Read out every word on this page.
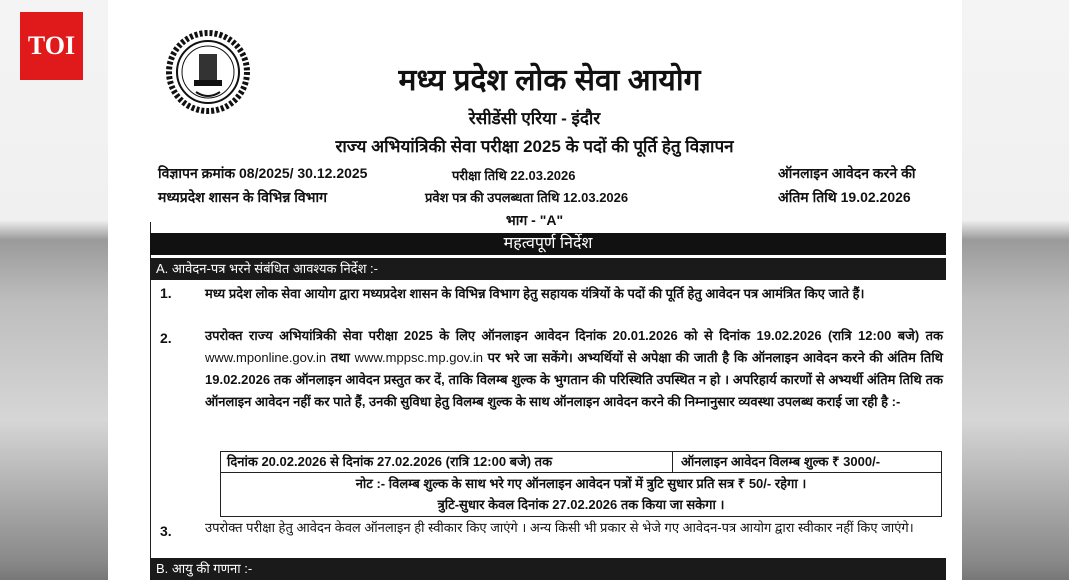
TOI
मध्य प्रदेश लोक सेवा आयोग
रेसीडेंसी एरिया - इंदौर
राज्य अभियांत्रिकी सेवा परीक्षा 2025 के पदों की पूर्ति हेतु विज्ञापन
विज्ञापन क्रमांक 08/2025/ 30.12.2025
मध्यप्रदेश शासन के विभिन्न विभाग
परीक्षा तिथि 22.03.2026
प्रवेश पत्र की उपलब्धता तिथि 12.03.2026
ऑनलाइन आवेदन करने की
अंतिम तिथि 19.02.2026
भाग - "A"
महत्वपूर्ण निर्देश
A. आवेदन-पत्र भरने संबंधित आवश्यक निर्देश :-
1.	मध्य प्रदेश लोक सेवा आयोग द्वारा मध्यप्रदेश शासन के विभिन्न विभाग हेतु सहायक यंत्रियों के पदों की पूर्ति हेतु आवेदन पत्र आमंत्रित किए जाते हैं।
2.	उपरोक्त राज्य अभियांत्रिकी सेवा परीक्षा 2025 के लिए ऑनलाइन आवेदन दिनांक 20.01.2026 को से दिनांक 19.02.2026 (रात्रि 12:00 बजे) तक www.mponline.gov.in तथा www.mppsc.mp.gov.in पर भरे जा सकेंगे। अभ्यर्थियों से अपेक्षा की जाती है कि ऑनलाइन आवेदन करने की अंतिम तिथि 19.02.2026 तक ऑनलाइन आवेदन प्रस्तुत कर दें, ताकि विलम्ब शुल्क के भुगतान की परिस्थिति उपस्थित न हो । अपरिहार्य कारणों से अभ्यर्थी अंतिम तिथि तक ऑनलाइन आवेदन नहीं कर पाते हैं, उनकी सुविधा हेतु विलम्ब शुल्क के साथ ऑनलाइन आवेदन करने की निम्नानुसार व्यवस्था उपलब्ध कराई जा रही है :-
दिनांक 20.02.2026 से दिनांक 27.02.2026 (रात्रि 12:00 बजे) तक	ऑनलाइन आवेदन विलम्ब शुल्क ₹ 3000/-
नोट :- विलम्ब शुल्क के साथ भरे गए ऑनलाइन आवेदन पत्रों में त्रुटि सुधार प्रति सत्र ₹ 50/- रहेगा ।
त्रुटि-सुधार केवल दिनांक 27.02.2026 तक किया जा सकेगा ।
3.	उपरोक्त परीक्षा हेतु आवेदन केवल ऑनलाइन ही स्वीकार किए जाएंगे । अन्य किसी भी प्रकार से भेजे गए आवेदन-पत्र आयोग द्वारा स्वीकार नहीं किए जाएंगे।
B. आयु की गणना :-
